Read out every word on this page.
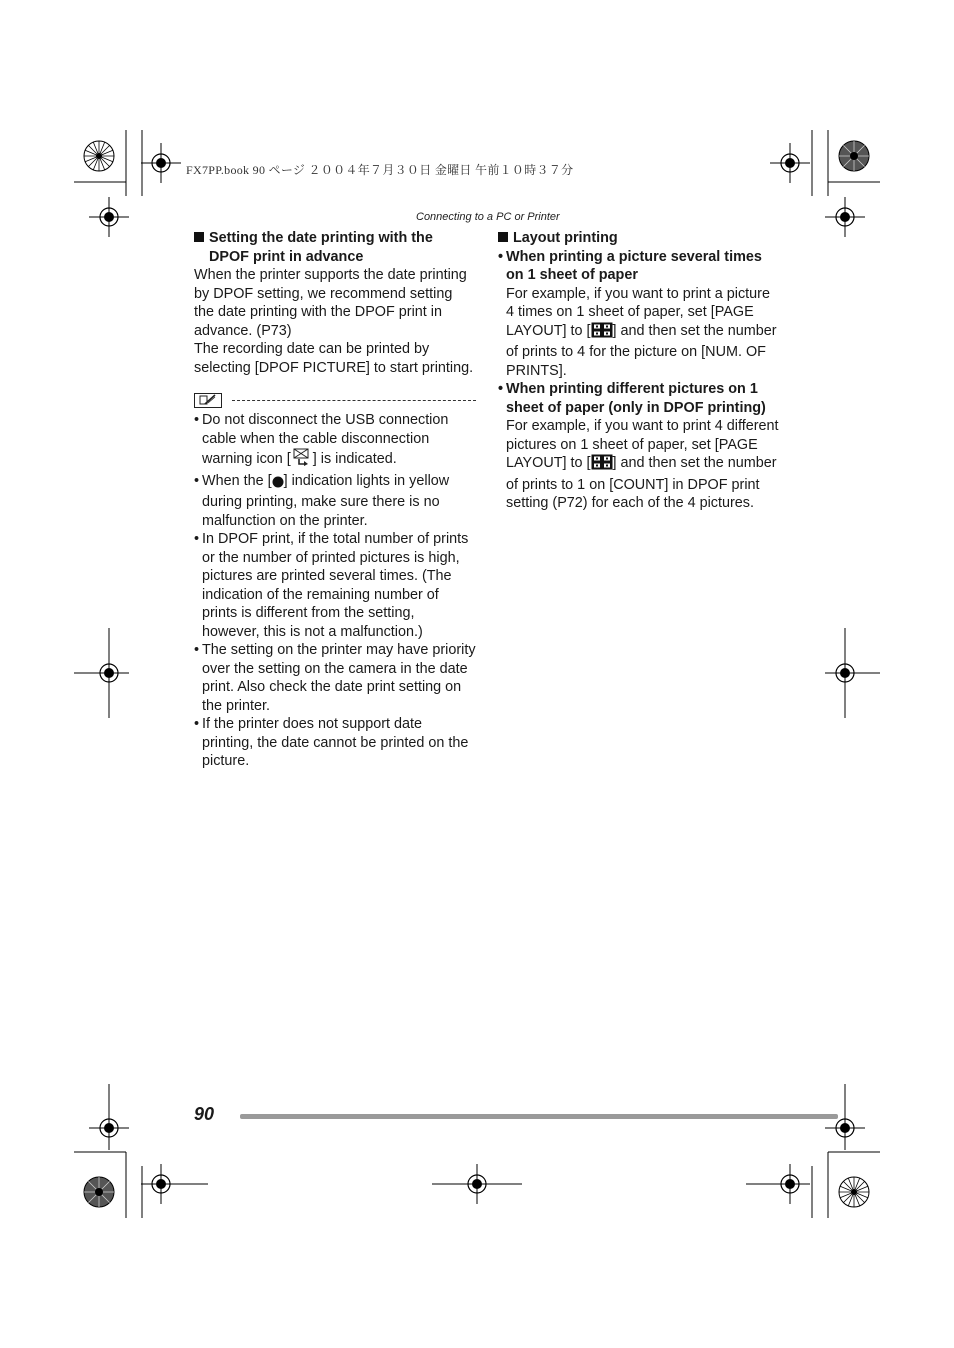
FX7PP.book 90 ページ ２００４年７月３０日 金曜日 午前１０時３７分
Connecting to a PC or Printer
Setting the date printing with the DPOF print in advance

When the printer supports the date printing by DPOF setting, we recommend setting the date printing with the DPOF print in advance. (P73)

The recording date can be printed by selecting [DPOF PICTURE] to start printing.

• Do not disconnect the USB connection cable when the cable disconnection warning icon [ ] is indicated.
• When the [ ] indication lights in yellow during printing, make sure there is no malfunction on the printer.
• In DPOF print, if the total number of prints or the number of printed pictures is high, pictures are printed several times. (The indication of the remaining number of prints is different from the setting, however, this is not a malfunction.)
• The setting on the printer may have priority over the setting on the camera in the date print. Also check the date print setting on the printer.
• If the printer does not support date printing, the date cannot be printed on the picture.
Layout printing
• When printing a picture several times on 1 sheet of paper
For example, if you want to print a picture 4 times on 1 sheet of paper, set [PAGE LAYOUT] to [ ] and then set the number of prints to 4 for the picture on [NUM. OF PRINTS].
• When printing different pictures on 1 sheet of paper (only in DPOF printing)
For example, if you want to print 4 different pictures on 1 sheet of paper, set [PAGE LAYOUT] to [ ] and then set the number of prints to 1 on [COUNT] in DPOF print setting (P72) for each of the 4 pictures.
90
